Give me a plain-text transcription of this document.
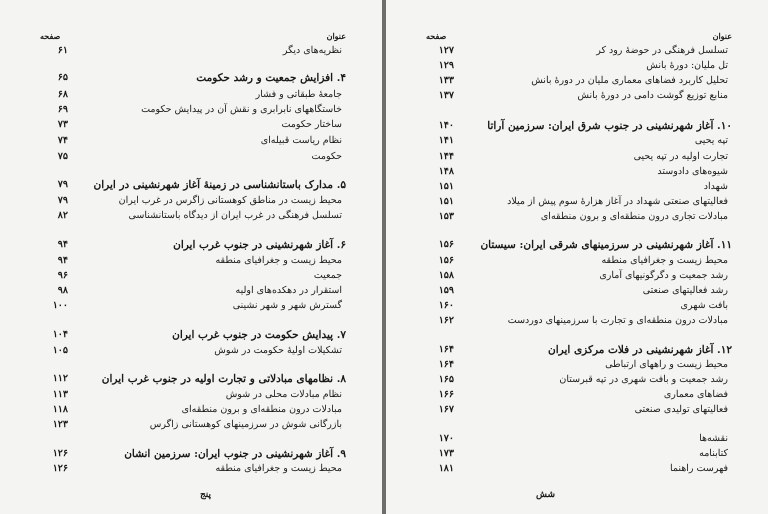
عنوان
صفحه
پنج
نظریه‌های دیگر
۶۱
۴. افزایش جمعیت و رشد حکومت
۶۵
جامعهٔ طبقاتی و فشار
۶۸
خاستگاههای نابرابری و نقش آن در پیدایش حکومت
۶۹
ساختار حکومت
۷۳
نظام ریاست قبیله‌ای
۷۴
حکومت
۷۵
۵. مدارک باستانشناسی در زمینهٔ آغاز شهرنشینی در ایران
۷۹
محیط زیست در مناطق کوهستانی زاگرس در غرب ایران
۷۹
تسلسل فرهنگی در غرب ایران از دیدگاه باستانشناسی
۸۲
۶. آغاز شهرنشینی در جنوب غرب ایران
۹۴
محیط زیست و جغرافیای منطقه
۹۴
جمعیت
۹۶
استقرار در دهکده‌های اولیه
۹۸
گسترش شهر و شهر نشینی
۱۰۰
۷. پیدایش حکومت در جنوب غرب ایران
۱۰۴
تشکیلات اولیهٔ حکومت در شوش
۱۰۵
۸. نظامهای مبادلاتی و تجارت اولیه در جنوب غرب ایران
۱۱۲
نظام مبادلات محلی در شوش
۱۱۳
مبادلات درون منطقه‌ای و برون منطقه‌ای
۱۱۸
بازرگانی شوش در سرزمینهای کوهستانی زاگرس
۱۲۳
۹. آغاز شهرنشینی در جنوب ایران: سرزمین انشان
۱۲۶
محیط زیست و جغرافیای منطقه
۱۲۶
عنوان
صفحه
شش
تسلسل فرهنگی در حوضهٔ رود کر
۱۲۷
تل ملیان: دورهٔ بانش
۱۲۹
تحلیل کاربرد فضاهای معماری ملیان در دورهٔ بانش
۱۳۳
منابع توزیع گوشت دامی در دورهٔ بانش
۱۳۷
۱۰. آغاز شهرنشینی در جنوب شرق ایران: سرزمین آراتا
۱۴۰
تپه یحیی
۱۴۱
تجارت اولیه در تپه یحیی
۱۴۴
شیوه‌های دادوستد
۱۴۸
شهداد
۱۵۱
فعالیتهای صنعتی شهداد در آغاز هزارهٔ سوم پیش از میلاد
۱۵۱
مبادلات تجاری درون منطقه‌ای و برون منطقه‌ای
۱۵۳
۱۱. آغاز شهرنشینی در سرزمینهای شرقی ایران: سیستان
۱۵۶
محیط زیست و جغرافیای منطقه
۱۵۶
رشد جمعیت و دگرگونیهای آماری
۱۵۸
رشد فعالیتهای صنعتی
۱۵۹
بافت شهری
۱۶۰
مبادلات درون منطقه‌ای و تجارت با سرزمینهای دوردست
۱۶۲
۱۲. آغاز شهرنشینی در فلات مرکزی ایران
۱۶۴
محیط زیست و راههای ارتباطی
۱۶۴
رشد جمعیت و بافت شهری در تپه قبرستان
۱۶۵
فضاهای معماری
۱۶۶
فعالیتهای تولیدی صنعتی
۱۶۷
نقشه‌ها
۱۷۰
کتابنامه
۱۷۳
فهرست راهنما
۱۸۱
